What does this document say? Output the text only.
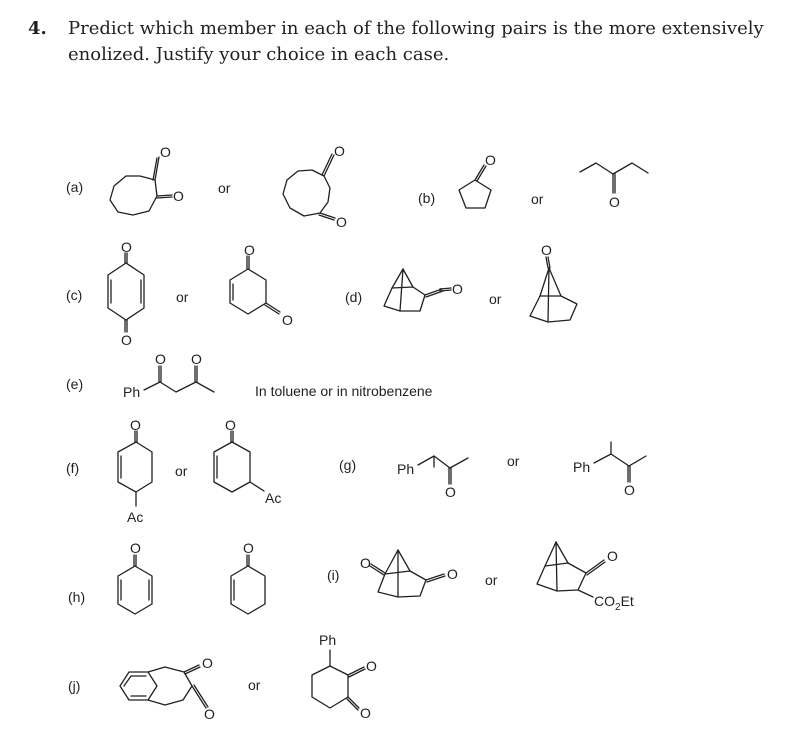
4. Predict which member in each of the following pairs is the more extensively enolized. Justify your choice in each case.
(a)
O
O or
O
O
(b)
O
or	O
(c)
O
O
or
O
O
(d)	O
or
O
(e)	Ph
O O
In toluene or in nitrobenzene
(f)
O
Ac
or
O
Ac
(g)	Ph
O
or	Ph
O
(h)
O	O
(i)
O
O or
O
$CO_2Et$
(j)
O
O
or
Ph
O
O
